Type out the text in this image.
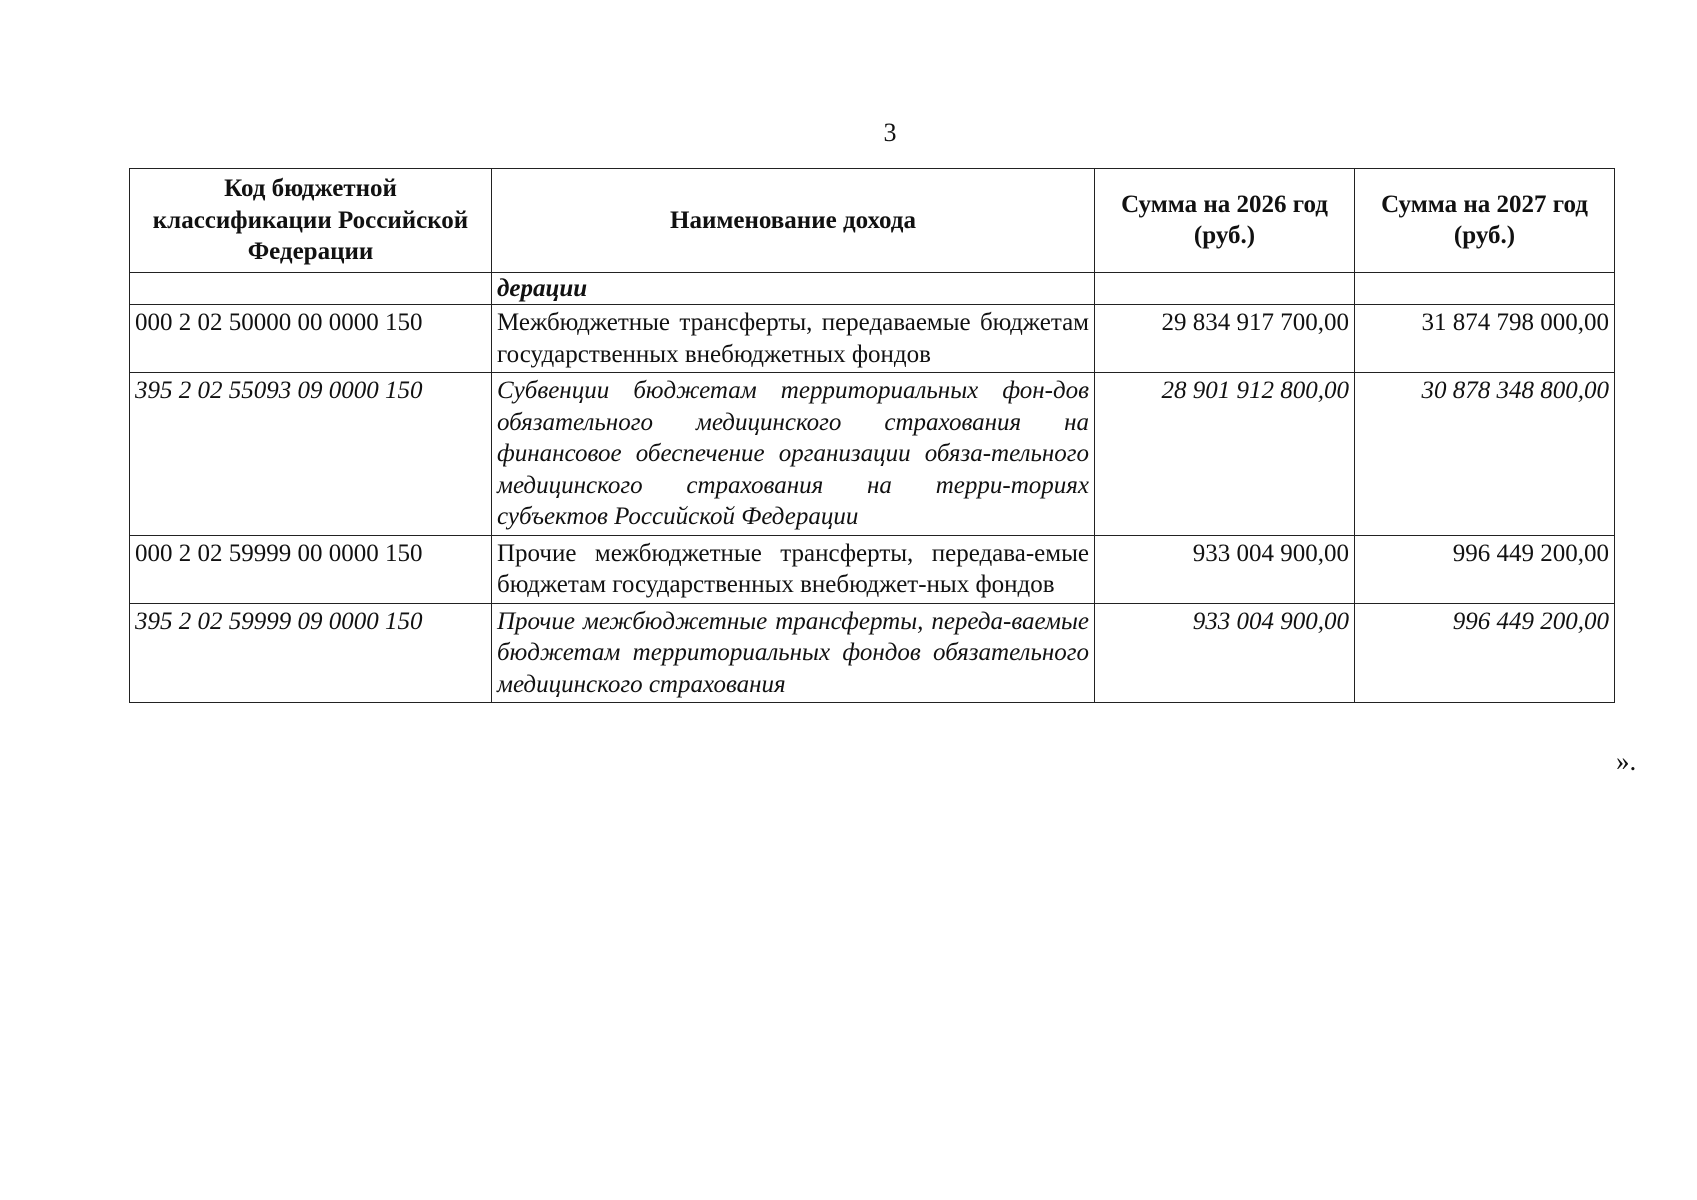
3
Код бюджетной классификации Российской Федерации	Наименование дохода	Сумма на 2026 год (руб.)	Сумма на 2027 год (руб.)
	дерации		
000 2 02 50000 00 0000 150	Межбюджетные трансферты, передаваемые бюджетам государственных внебюджетных фондов	29 834 917 700,00	31 874 798 000,00
395 2 02 55093 09 0000 150	Субвенции бюджетам территориальных фон-дов обязательного медицинского страхования на финансовое обеспечение организации обяза-тельного медицинского страхования на терри-ториях субъектов Российской Федерации	28 901 912 800,00	30 878 348 800,00
000 2 02 59999 00 0000 150	Прочие межбюджетные трансферты, передава-емые бюджетам государственных внебюджет-ных фондов	933 004 900,00	996 449 200,00
395 2 02 59999 09 0000 150	Прочие межбюджетные трансферты, переда-ваемые бюджетам территориальных фондов обязательного медицинского страхования	933 004 900,00	996 449 200,00
».
